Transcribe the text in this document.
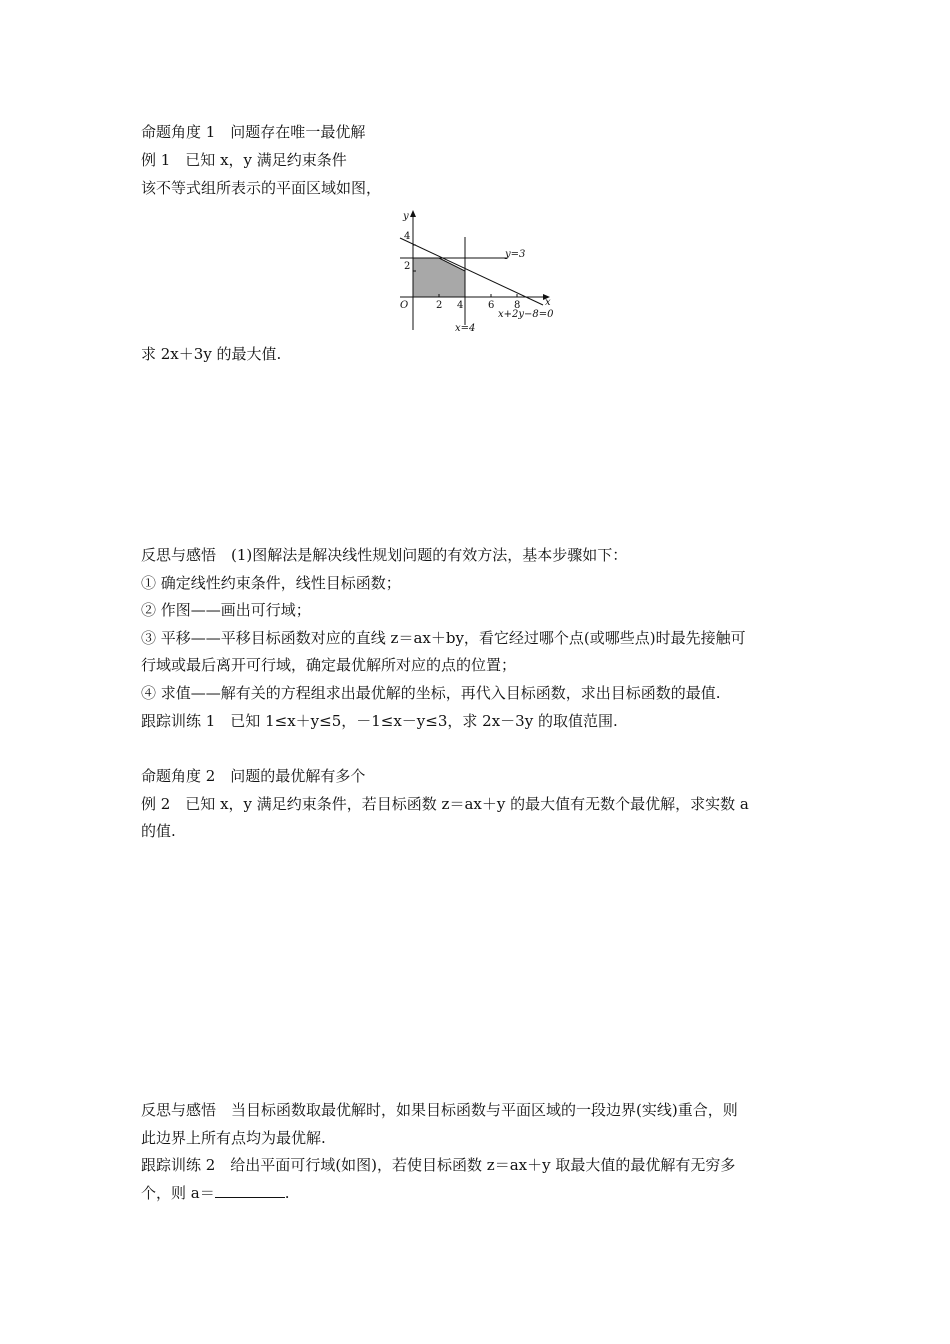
命题角度 1　问题存在唯一最优解
例 1　已知 x，y 满足约束条件
该不等式组所表示的平面区域如图，
y
x
O
4
2
2 4 6 8
y=3
x+2y−8=0
x=4
求 2x＋3y 的最大值.
反思与感悟　(1)图解法是解决线性规划问题的有效方法，基本步骤如下：
① 确定线性约束条件，线性目标函数；
② 作图——画出可行域；
③ 平移——平移目标函数对应的直线 z＝ax＋by，看它经过哪个点(或哪些点)时最先接触可
行域或最后离开可行域，确定最优解所对应的点的位置；
④ 求值——解有关的方程组求出最优解的坐标，再代入目标函数，求出目标函数的最值.
跟踪训练 1　已知 1≤x＋y≤5，－1≤x－y≤3，求 2x－3y 的取值范围.
命题角度 2　问题的最优解有多个
例 2　已知 x，y 满足约束条件，若目标函数 z＝ax＋y 的最大值有无数个最优解，求实数 a
的值.
反思与感悟　当目标函数取最优解时，如果目标函数与平面区域的一段边界(实线)重合，则
此边界上所有点均为最优解.
跟踪训练 2　给出平面可行域(如图)，若使目标函数 z＝ax＋y 取最大值的最优解有无穷多
个，则 a＝	.
